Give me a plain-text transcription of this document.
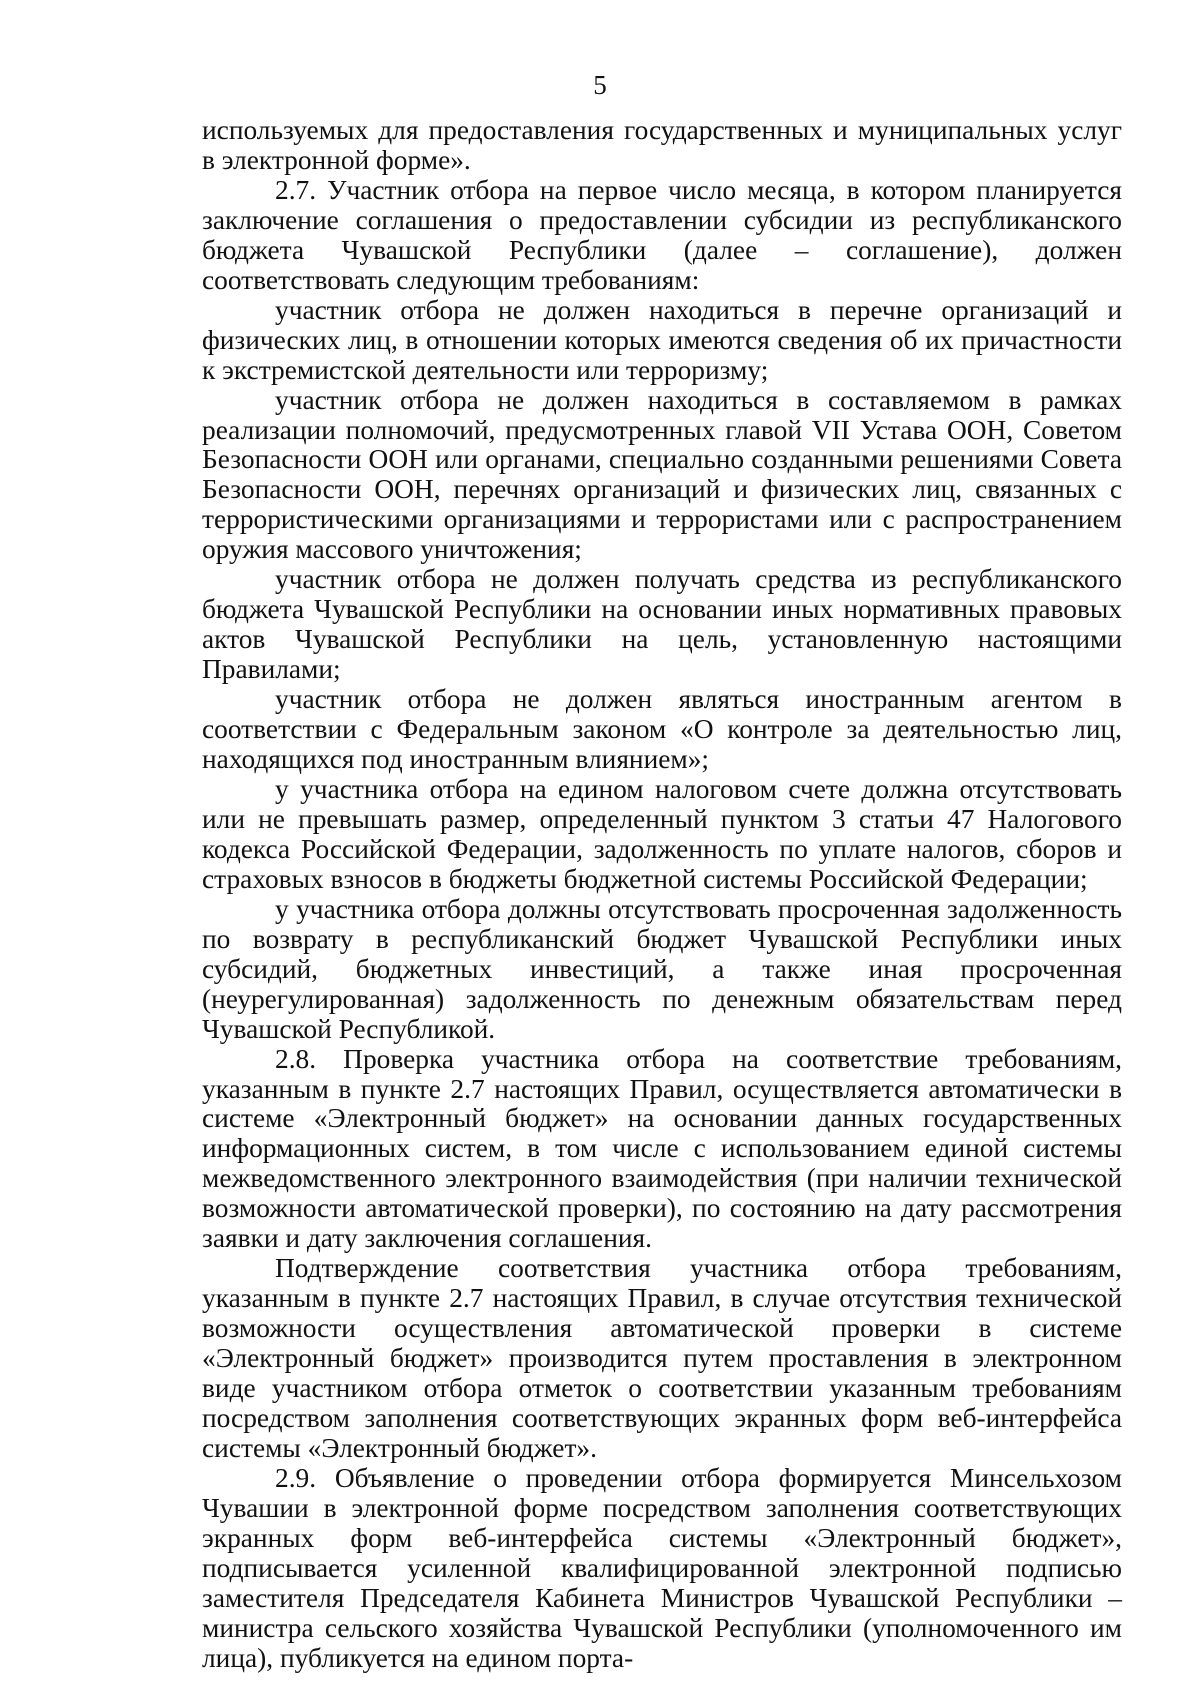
5

используемых для предоставления государственных и муниципальных услуг в электронной форме».

2.7. Участник отбора на первое число месяца, в котором планируется заключение соглашения о предоставлении субсидии из республиканского бюджета Чувашской Республики (далее – соглашение), должен соответствовать следующим требованиям:

участник отбора не должен находиться в перечне организаций и физических лиц, в отношении которых имеются сведения об их причастности к экстремистской деятельности или терроризму;

участник отбора не должен находиться в составляемом в рамках реализации полномочий, предусмотренных главой VII Устава ООН, Советом Безопасности ООН или органами, специально созданными решениями Совета Безопасности ООН, перечнях организаций и физических лиц, связанных с террористическими организациями и террористами или с распространением оружия массового уничтожения;

участник отбора не должен получать средства из республиканского бюджета Чувашской Республики на основании иных нормативных правовых актов Чувашской Республики на цель, установленную настоящими Правилами;

участник отбора не должен являться иностранным агентом в соответствии с Федеральным законом «О контроле за деятельностью лиц, находящихся под иностранным влиянием»;

у участника отбора на едином налоговом счете должна отсутствовать или не превышать размер, определенный пунктом 3 статьи 47 Налогового кодекса Российской Федерации, задолженность по уплате налогов, сборов и страховых взносов в бюджеты бюджетной системы Российской Федерации;

у участника отбора должны отсутствовать просроченная задолженность по возврату в республиканский бюджет Чувашской Республики иных субсидий, бюджетных инвестиций, а также иная просроченная (неурегулированная) задолженность по денежным обязательствам перед Чувашской Республикой.

2.8. Проверка участника отбора на соответствие требованиям, указанным в пункте 2.7 настоящих Правил, осуществляется автоматически в системе «Электронный бюджет» на основании данных государственных информационных систем, в том числе с использованием единой системы межведомственного электронного взаимодействия (при наличии технической возможности автоматической проверки), по состоянию на дату рассмотрения заявки и дату заключения соглашения.

Подтверждение соответствия участника отбора требованиям, указанным в пункте 2.7 настоящих Правил, в случае отсутствия технической возможности осуществления автоматической проверки в системе «Электронный бюджет» производится путем проставления в электронном виде участником отбора отметок о соответствии указанным требованиям посредством заполнения соответствующих экранных форм веб-интерфейса системы «Электронный бюджет».

2.9. Объявление о проведении отбора формируется Минсельхозом Чувашии в электронной форме посредством заполнения соответствующих экранных форм веб-интерфейса системы «Электронный бюджет», подписывается усиленной квалифицированной электронной подписью заместителя Председателя Кабинета Министров Чувашской Республики – министра сельского хозяйства Чувашской Республики (уполномоченного им лица), публикуется на едином порта-
